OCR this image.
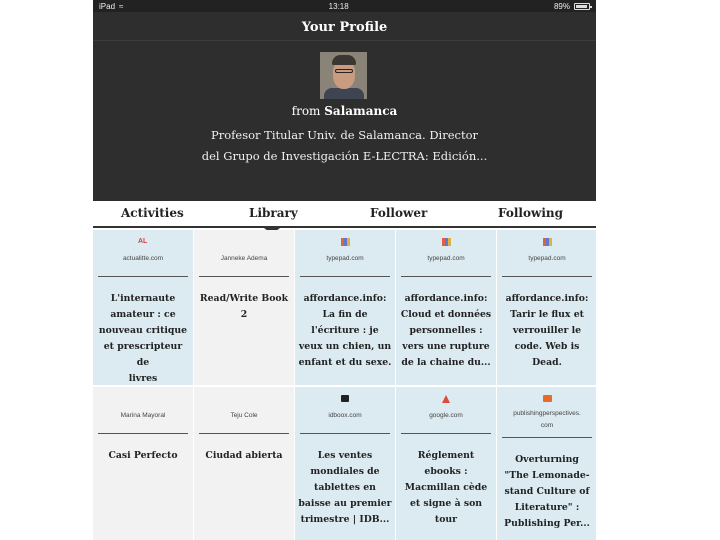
iPad ≈	13:18	89%
Your Profile
from Salamanca
Profesor Titular Univ. de Salamanca. Director
del Grupo de Investigación E-LECTRA: Edición...
Activities	Library	Follower	Following
AL
actualitte.com
L'internaute
amateur : ce
nouveau critique
et prescripteur de
livres
Janneke Adema
Read/Write Book
2
typepad.com
affordance.info:
La fin de
l'écriture : je
veux un chien, un
enfant et du sexe.
typepad.com
affordance.info:
Cloud et données
personnelles :
vers une rupture
de la chaine du...
typepad.com
affordance.info:
Tarir le flux et
verrouiller le
code. Web is
Dead.
Marina Mayoral
Casi Perfecto
Teju Cole
Ciudad abierta
idboox.com
Les ventes
mondiales de
tablettes en
baisse au premier
trimestre | IDB...
google.com
Réglement
ebooks :
Macmillan cède
et signe à son
tour
publishingperspectives.
com
Overturning
"The Lemonade-
stand Culture of
Literature" :
Publishing Per...
